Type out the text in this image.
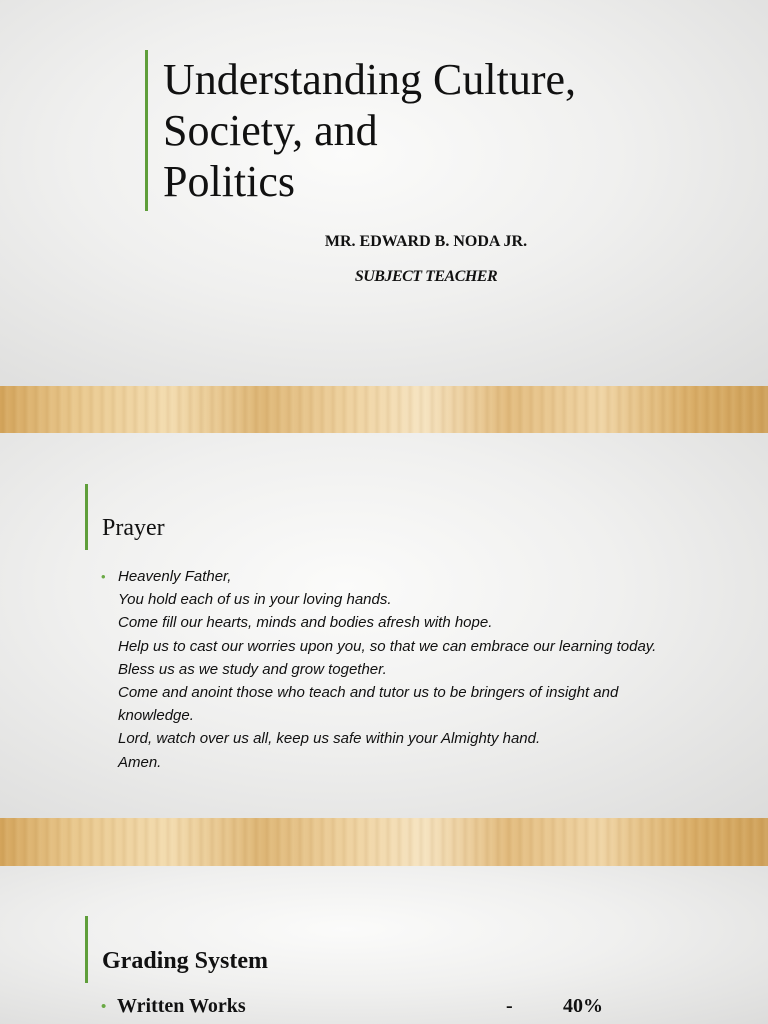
Understanding Culture,
Society, and
Politics

MR. EDWARD B. NODA JR.

SUBJECT TEACHER

Prayer
• Heavenly Father,
You hold each of us in your loving hands.
Come fill our hearts, minds and bodies afresh with hope.
Help us to cast our worries upon you, so that we can embrace our learning today.
Bless us as we study and grow together.
Come and anoint those who teach and tutor us to be bringers of insight and
knowledge.
Lord, watch over us all, keep us safe within your Almighty hand.
Amen.
Grading System
• Written Works	-	40%
